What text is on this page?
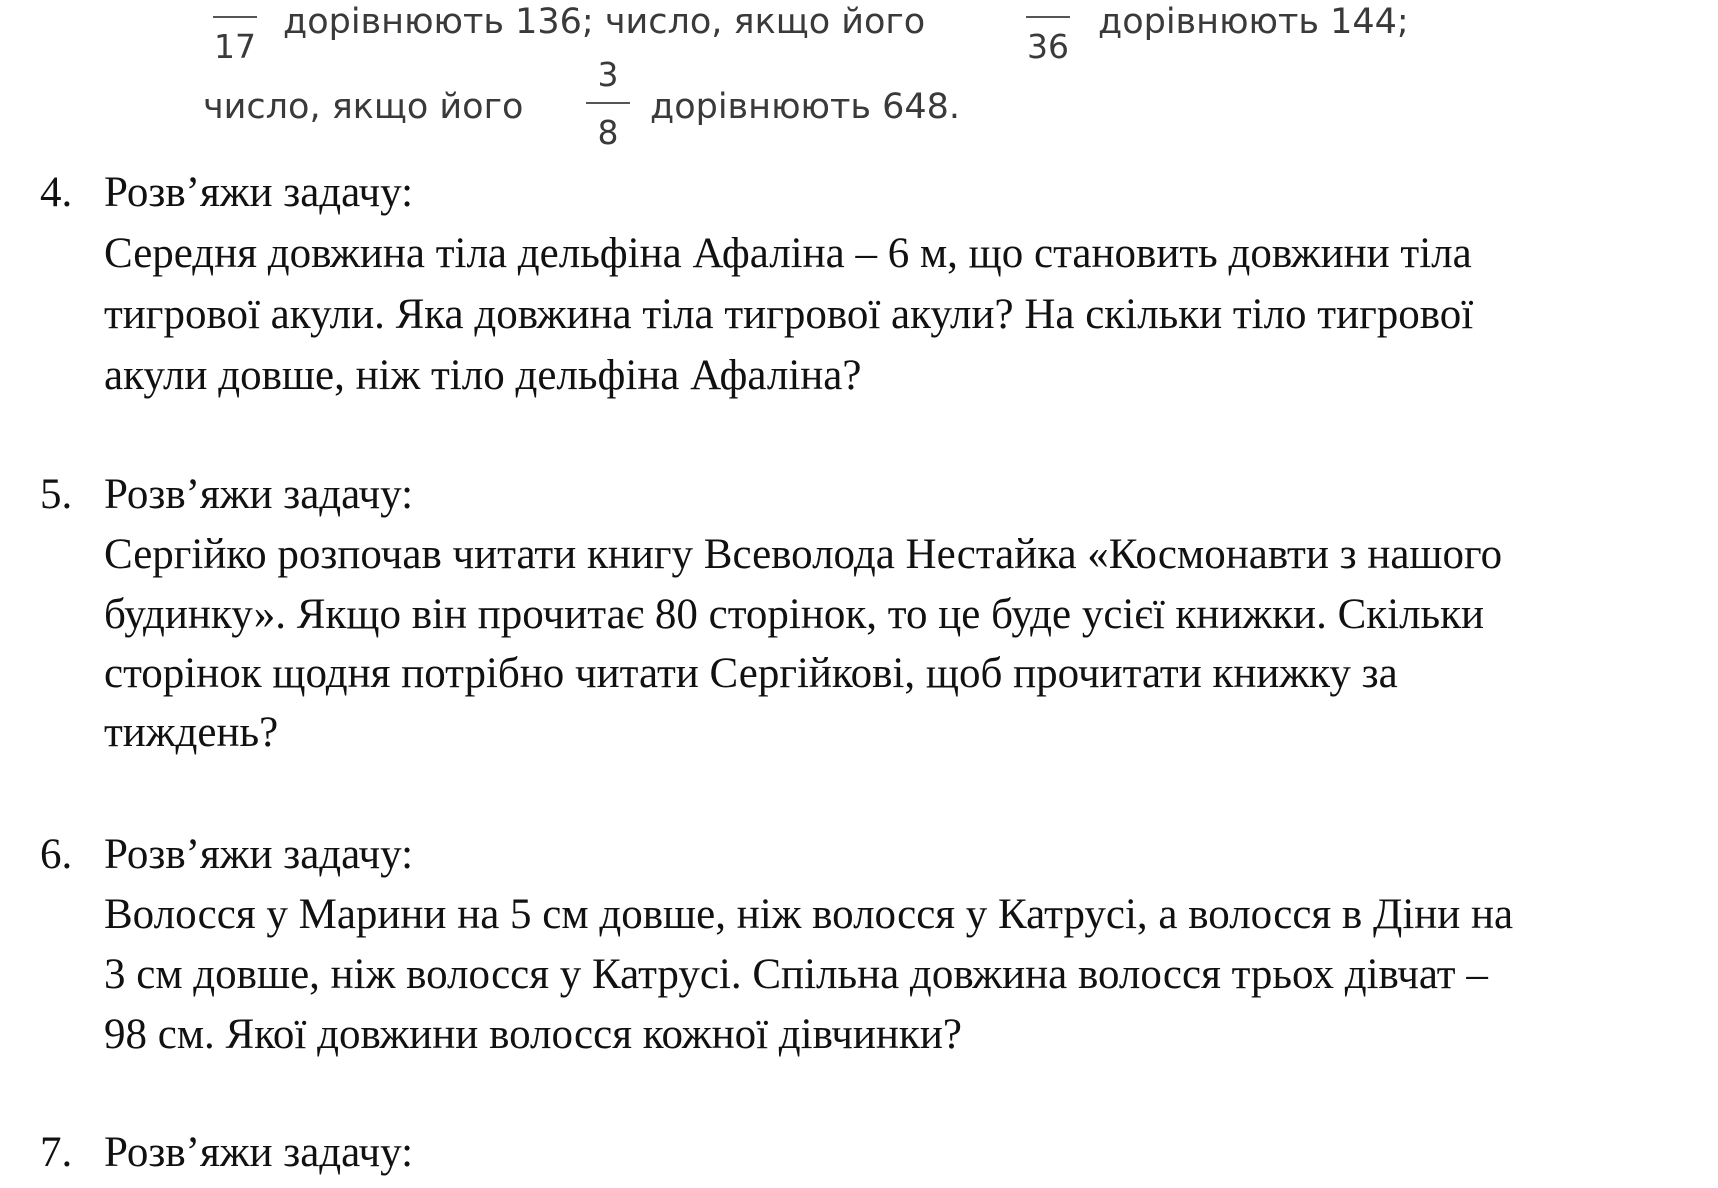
17
дорівнюють 136; число, якщо його
36
дорівнюють 144;
число, якщо його
3
8
дорівнюють 648.
4. Розв’яжи задачу:
Середня довжина тіла дельфіна Афаліна – 6 м, що становить довжини тіла
тигрової акули. Яка довжина тіла тигрової акули? На скільки тіло тигрової
акули довше, ніж тіло дельфіна Афаліна?
5. Розв’яжи задачу:
Сергійко розпочав читати книгу Всеволода Нестайка «Космонавти з нашого
будинку». Якщо він прочитає 80 сторінок, то це буде усієї книжки. Скільки
сторінок щодня потрібно читати Сергійкові, щоб прочитати книжку за
тиждень?
6. Розв’яжи задачу:
Волосся у Марини на 5 см довше, ніж волосся у Катрусі, а волосся в Діни на
3 см довше, ніж волосся у Катрусі. Спільна довжина волосся трьох дівчат –
98 см. Якої довжини волосся кожної дівчинки?
7. Розв’яжи задачу:
